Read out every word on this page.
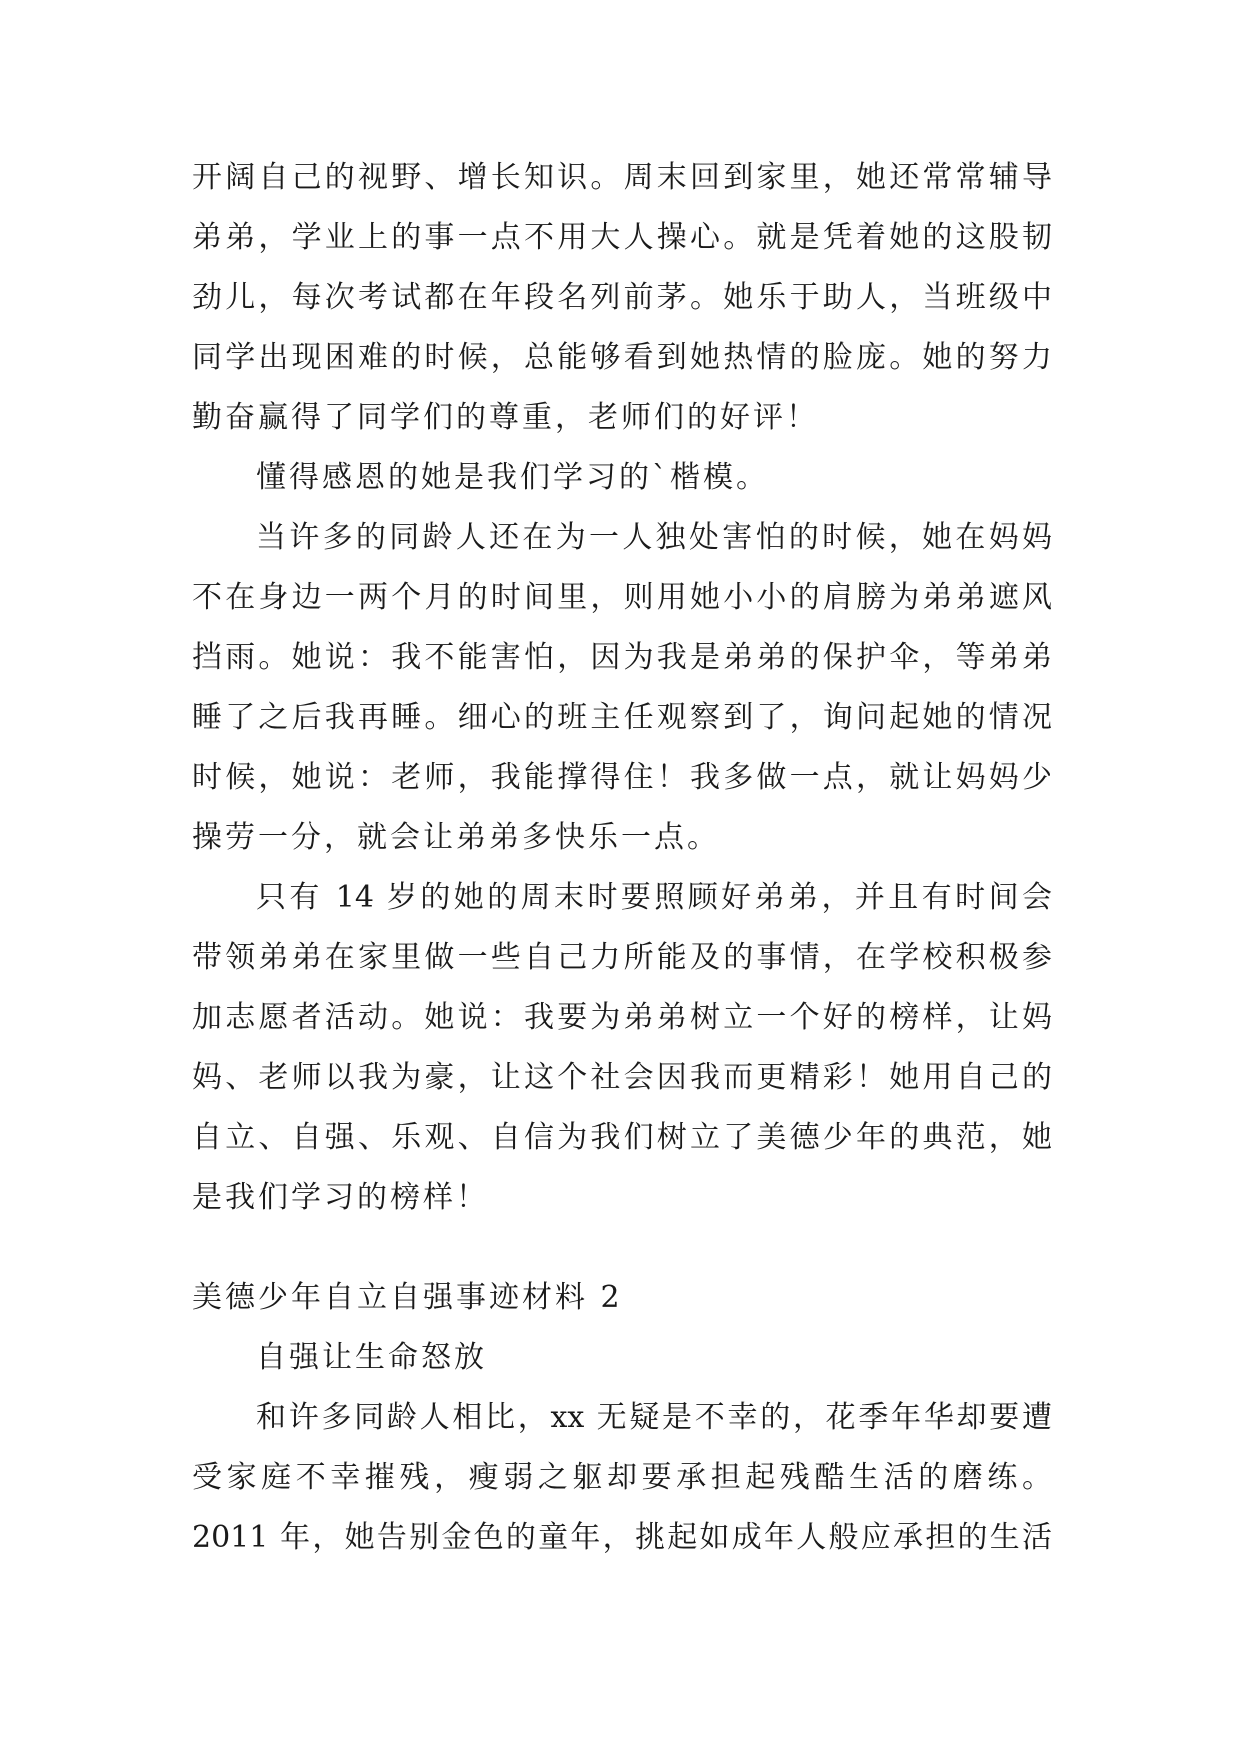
开阔自己的视野、增长知识。周末回到家里，她还常常辅导
弟弟，学业上的事一点不用大人操心。就是凭着她的这股韧
劲儿，每次考试都在年段名列前茅。她乐于助人，当班级中
同学出现困难的时候，总能够看到她热情的脸庞。她的努力
勤奋赢得了同学们的尊重，老师们的好评！
懂得感恩的她是我们学习的`楷模。
当许多的同龄人还在为一人独处害怕的时候，她在妈妈
不在身边一两个月的时间里，则用她小小的肩膀为弟弟遮风
挡雨。她说：我不能害怕，因为我是弟弟的保护伞，等弟弟
睡了之后我再睡。细心的班主任观察到了，询问起她的情况
时候，她说：老师，我能撑得住！我多做一点，就让妈妈少
操劳一分，就会让弟弟多快乐一点。
只有 14 岁的她的周末时要照顾好弟弟，并且有时间会
带领弟弟在家里做一些自己力所能及的事情，在学校积极参
加志愿者活动。她说：我要为弟弟树立一个好的榜样，让妈
妈、老师以我为豪，让这个社会因我而更精彩！她用自己的
自立、自强、乐观、自信为我们树立了美德少年的典范，她
是我们学习的榜样！
美德少年自立自强事迹材料 2
自强让生命怒放
和许多同龄人相比，xx 无疑是不幸的，花季年华却要遭
受家庭不幸摧残，瘦弱之躯却要承担起残酷生活的磨练。
2011 年，她告别金色的童年，挑起如成年人般应承担的生活
